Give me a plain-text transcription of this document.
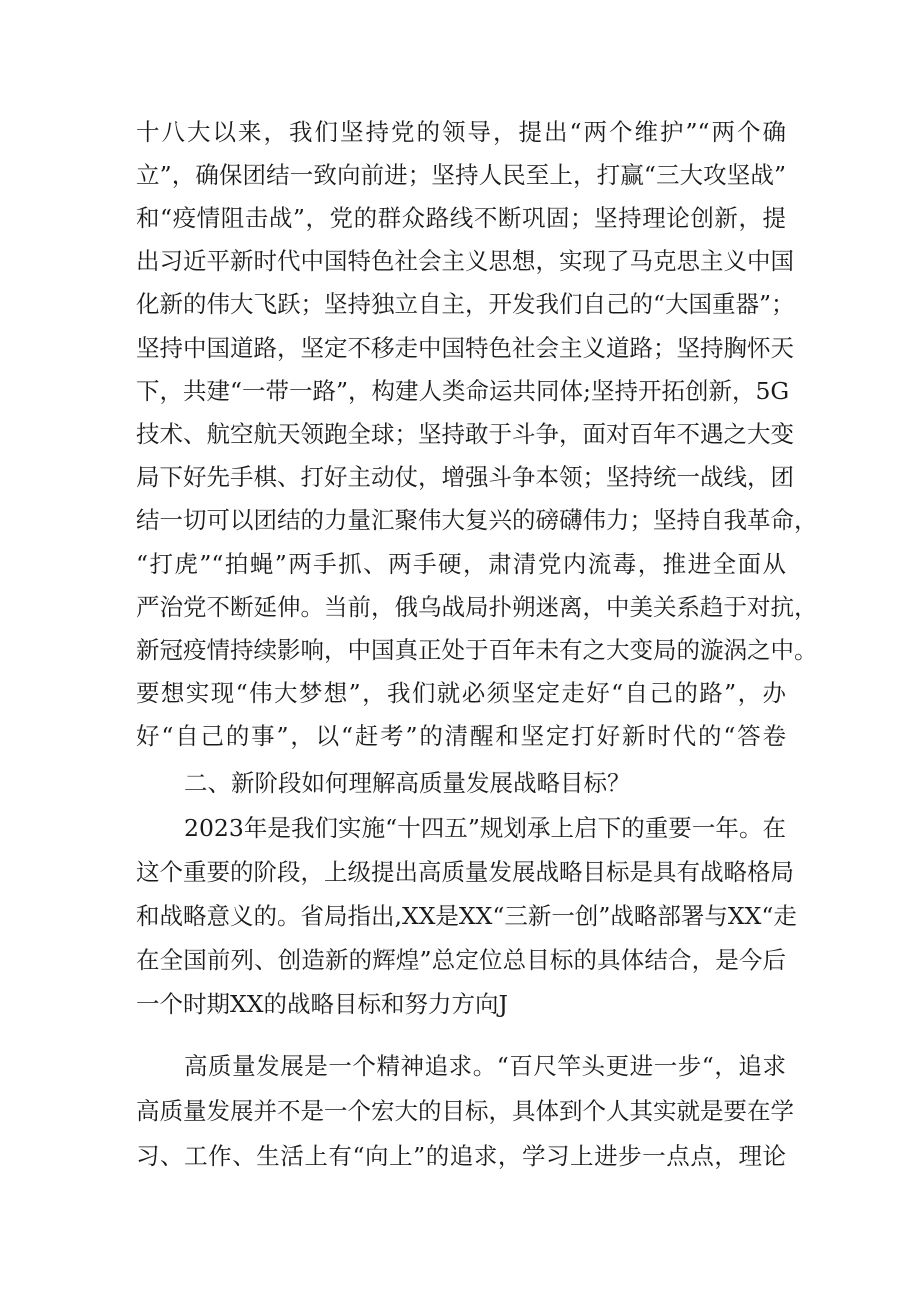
十八大以来，我们坚持党的领导，提出“两个维护”“两个确
立”，确保团结一致向前进；坚持人民至上，打赢“三大攻坚战”
和“疫情阻击战”，党的群众路线不断巩固；坚持理论创新，提
出习近平新时代中国特色社会主义思想，实现了马克思主义中国
化新的伟大飞跃；坚持独立自主，开发我们自己的“大国重器”；
坚持中国道路，坚定不移走中国特色社会主义道路；坚持胸怀天
下，共建“一带一路”，构建人类命运共同体;坚持开拓创新，5G
技术、航空航天领跑全球；坚持敢于斗争，面对百年不遇之大变
局下好先手棋、打好主动仗，增强斗争本领；坚持统一战线，团
结一切可以团结的力量汇聚伟大复兴的磅礴伟力；坚持自我革命，
“打虎”“拍蝇”两手抓、两手硬，肃清党内流毒，推进全面从
严治党不断延伸。当前，俄乌战局扑朔迷离，中美关系趋于对抗，
新冠疫情持续影响，中国真正处于百年未有之大变局的漩涡之中。
要想实现“伟大梦想”，我们就必须坚定走好“自己的路”，办
好“自己的事”，以“赶考”的清醒和坚定打好新时代的“答卷
二、新阶段如何理解高质量发展战略目标？
2023年是我们实施“十四五”规划承上启下的重要一年。在
这个重要的阶段，上级提出高质量发展战略目标是具有战略格局
和战略意义的。省局指出,XX是XX“三新一创”战略部署与XX“走
在全国前列、创造新的辉煌”总定位总目标的具体结合，是今后
一个时期XX的战略目标和努力方向J
高质量发展是一个精神追求。“百尺竿头更进一步“，追求
高质量发展并不是一个宏大的目标，具体到个人其实就是要在学
习、工作、生活上有“向上”的追求，学习上进步一点点，理论
